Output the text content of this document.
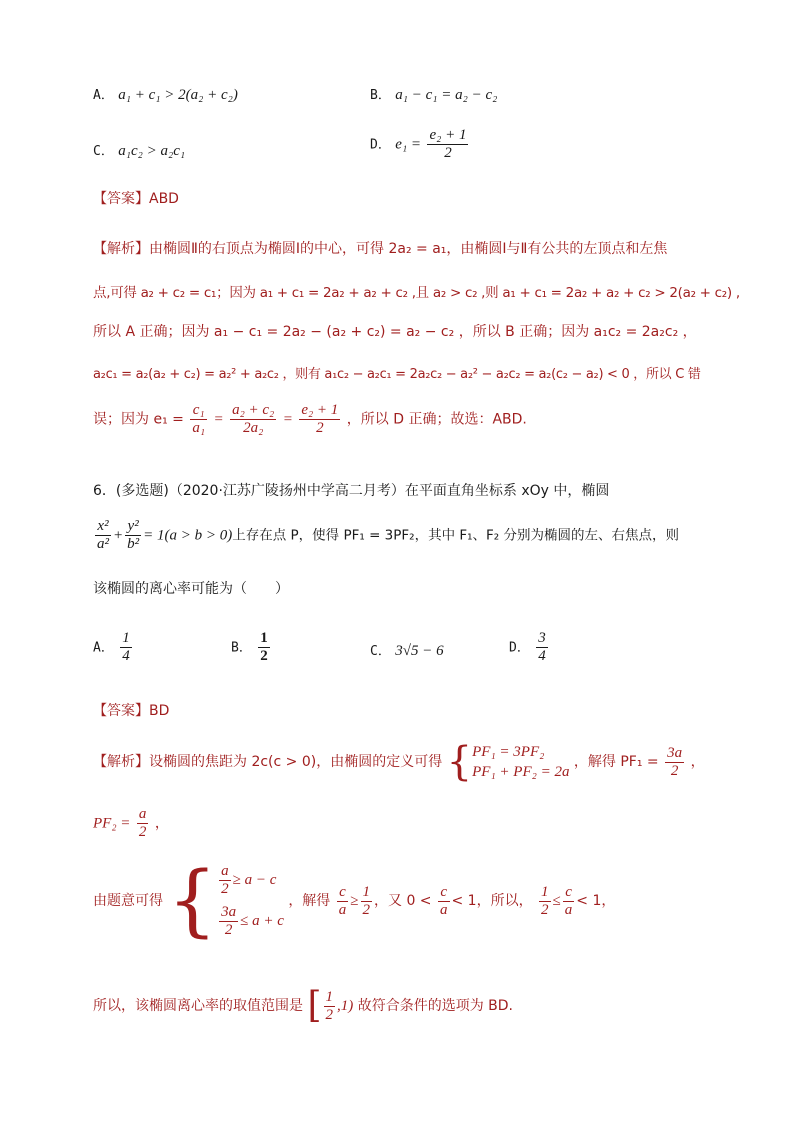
A． a₁ + c₁ > 2(a₂ + c₂)	B． a₁ − c₁ = a₂ − c₂
C． a₁c₂ > a₂c₁	D． $e_1 = \frac{\text{e₂ + 1}}{2}$
【答案】ABD
【解析】由椭圆Ⅱ的右顶点为椭圆Ⅰ的中心，可得 2a₂ = a₁，由椭圆Ⅰ与Ⅱ有公共的左顶点和左焦
点,可得 a₂ + c₂ = c₁；因为 a₁ + c₁ = 2a₂ + a₂ + c₂ ,且 a₂ > c₂ ,则 a₁ + c₁ = 2a₂ + a₂ + c₂ > 2(a₂ + c₂) ,
所以 A 正确；因为 a₁ − c₁ = 2a₂ − (a₂ + c₂) = a₂ − c₂ ，所以 B 正确；因为 a₁c₂ = 2a₂c₂ ，
a₂c₁ = a₂(a₂ + c₂) = a₂² + a₂c₂ ，则有 a₁c₂ − a₂c₁ = 2a₂c₂ − a₂² − a₂c₂ = a₂(c₂ − a₂) < 0 ，所以 C 错
误；因为 $e_1 = \frac{\text{c₁}}{\text{a₁}} = \frac{\text{a₂ + c₂}}{\text{2a₂}} = \frac{\text{e₂ + 1}}{2}$ ，所以 D 正确；故选：ABD.
6．(多选题)（2020·江苏广陵扬州中学高二月考）在平面直角坐标系 xOy 中，椭圆
$\frac{\text{x²}}{\text{a²}} + \frac{\text{y²}}{\text{b²}} = 1(a > b > 0)$上存在点 P，使得 PF₁ = 3PF₂，其中 F₁、F₂ 分别为椭圆的左、右焦点，则
该椭圆的离心率可能为（　　）
A． $\frac{1}{4}$	B． $\frac{1}{2}$	C． 3√5 − 6	D． $\frac{3}{4}$
【答案】BD
【解析】设椭圆的焦距为 2c(c > 0)，由椭圆的定义可得 { PF₁ = 3PF₂
PF₁ + PF₂ = 2a
，解得 $PF_1 = \frac{3a}{2}$ ，
$PF_2 = \frac{a}{2}$ ，
由题意可得 { $\frac{a}{2} \ge a - c$
$\frac{3a}{2} \le a + c$
，解得 $\frac{c}{a} \ge \frac{1}{2}$ ，又 $0 < \frac{c}{a} < 1$，所以， $\frac{1}{2} \le \frac{c}{a} < 1$，
所以，该椭圆离心率的取值范围是 [ $\frac{1}{2} ,1$) 故符合条件的选项为 BD.
